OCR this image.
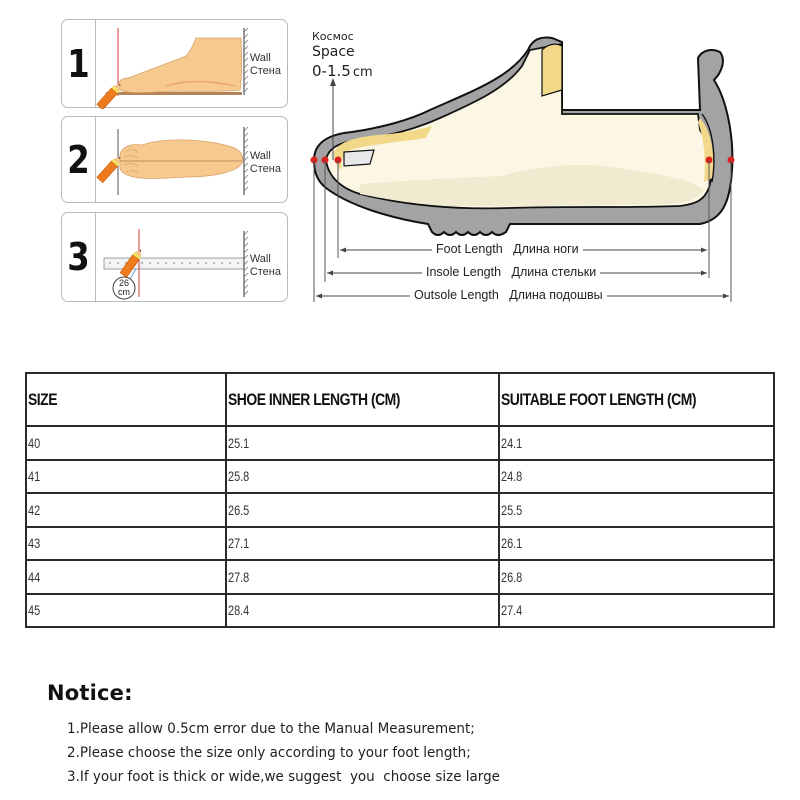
1	Wall
Стена
2	Wall
Стена
3
26
cm
Wall
Стена
Космос
Space
0-1.5 cm
Foot Length Длина ноги
Insole Length Длина стельки
Outsole Length Длина подошвы
SIZE	SHOE INNER LENGTH (CM)	SUITABLE FOOT LENGTH (CM)
40	25.1	24.1
41	25.8	24.8
42	26.5	25.5
43	27.1	26.1
44	27.8	26.8
45	28.4	27.4
Notice:
1.Please allow 0.5cm error due to the Manual Measurement;
2.Please choose the size only according to your foot length;
3.If your foot is thick or wide,we suggest  you  choose size large
